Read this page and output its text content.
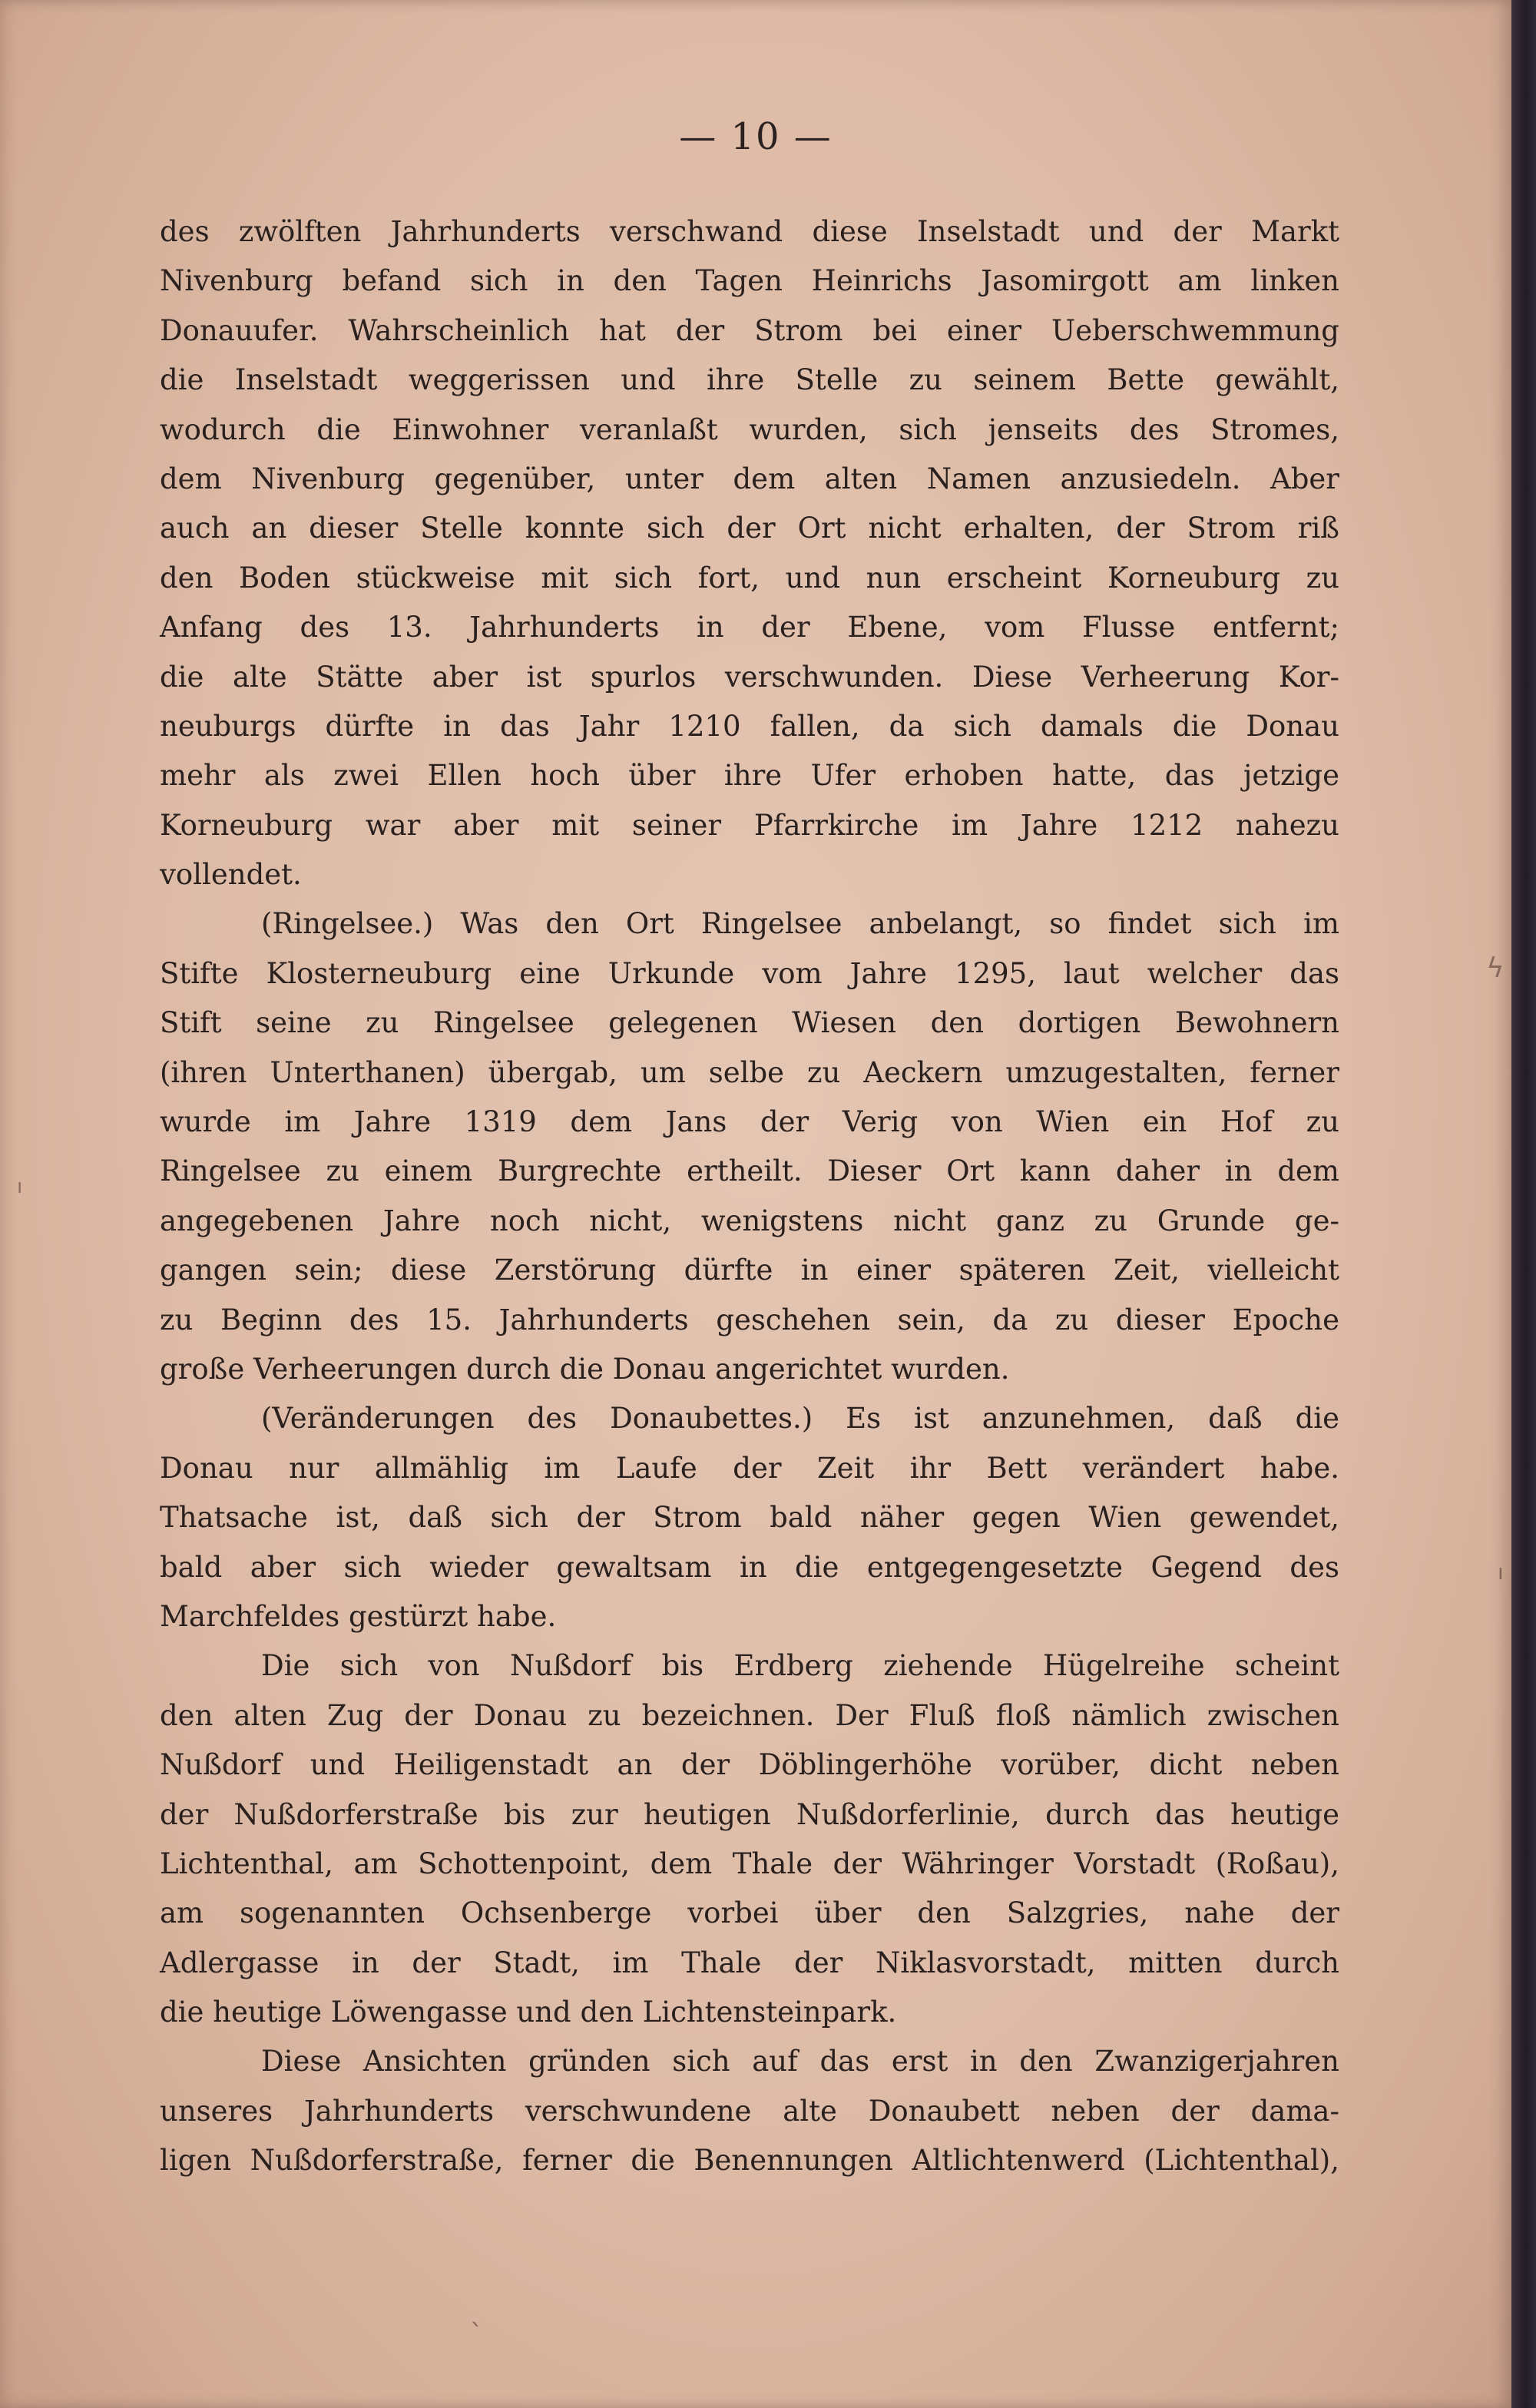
— 10 —
des zwölften Jahrhunderts verschwand diese Inselstadt und der Markt
Nivenburg befand sich in den Tagen Heinrichs Jasomirgott am linken
Donauufer. Wahrscheinlich hat der Strom bei einer Ueberschwemmung
die Inselstadt weggerissen und ihre Stelle zu seinem Bette gewählt,
wodurch die Einwohner veranlaßt wurden, sich jenseits des Stromes,
dem Nivenburg gegenüber, unter dem alten Namen anzusiedeln. Aber
auch an dieser Stelle konnte sich der Ort nicht erhalten, der Strom riß
den Boden stückweise mit sich fort, und nun erscheint Korneuburg zu
Anfang des 13. Jahrhunderts in der Ebene, vom Flusse entfernt;
die alte Stätte aber ist spurlos verschwunden. Diese Verheerung Kor-
neuburgs dürfte in das Jahr 1210 fallen, da sich damals die Donau
mehr als zwei Ellen hoch über ihre Ufer erhoben hatte, das jetzige
Korneuburg war aber mit seiner Pfarrkirche im Jahre 1212 nahezu
vollendet.
(Ringelsee.) Was den Ort Ringelsee anbelangt, so findet sich im
Stifte Klosterneuburg eine Urkunde vom Jahre 1295, laut welcher das
Stift seine zu Ringelsee gelegenen Wiesen den dortigen Bewohnern
(ihren Unterthanen) übergab, um selbe zu Aeckern umzugestalten, ferner
wurde im Jahre 1319 dem Jans der Verig von Wien ein Hof zu
Ringelsee zu einem Burgrechte ertheilt. Dieser Ort kann daher in dem
angegebenen Jahre noch nicht, wenigstens nicht ganz zu Grunde ge-
gangen sein; diese Zerstörung dürfte in einer späteren Zeit, vielleicht
zu Beginn des 15. Jahrhunderts geschehen sein, da zu dieser Epoche
große Verheerungen durch die Donau angerichtet wurden.
(Veränderungen des Donaubettes.) Es ist anzunehmen, daß die
Donau nur allmählig im Laufe der Zeit ihr Bett verändert habe.
Thatsache ist, daß sich der Strom bald näher gegen Wien gewendet,
bald aber sich wieder gewaltsam in die entgegengesetzte Gegend des
Marchfeldes gestürzt habe.
Die sich von Nußdorf bis Erdberg ziehende Hügelreihe scheint
den alten Zug der Donau zu bezeichnen. Der Fluß floß nämlich zwischen
Nußdorf und Heiligenstadt an der Döblingerhöhe vorüber, dicht neben
der Nußdorferstraße bis zur heutigen Nußdorferlinie, durch das heutige
Lichtenthal, am Schottenpoint, dem Thale der Währinger Vorstadt (Roßau),
am sogenannten Ochsenberge vorbei über den Salzgries, nahe der
Adlergasse in der Stadt, im Thale der Niklasvorstadt, mitten durch
die heutige Löwengasse und den Lichtensteinpark.
Diese Ansichten gründen sich auf das erst in den Zwanzigerjahren
unseres Jahrhunderts verschwundene alte Donaubett neben der dama-
ligen Nußdorferstraße, ferner die Benennungen Altlichtenwerd (Lichtenthal),
ϟ
ı
ˎ
ı
